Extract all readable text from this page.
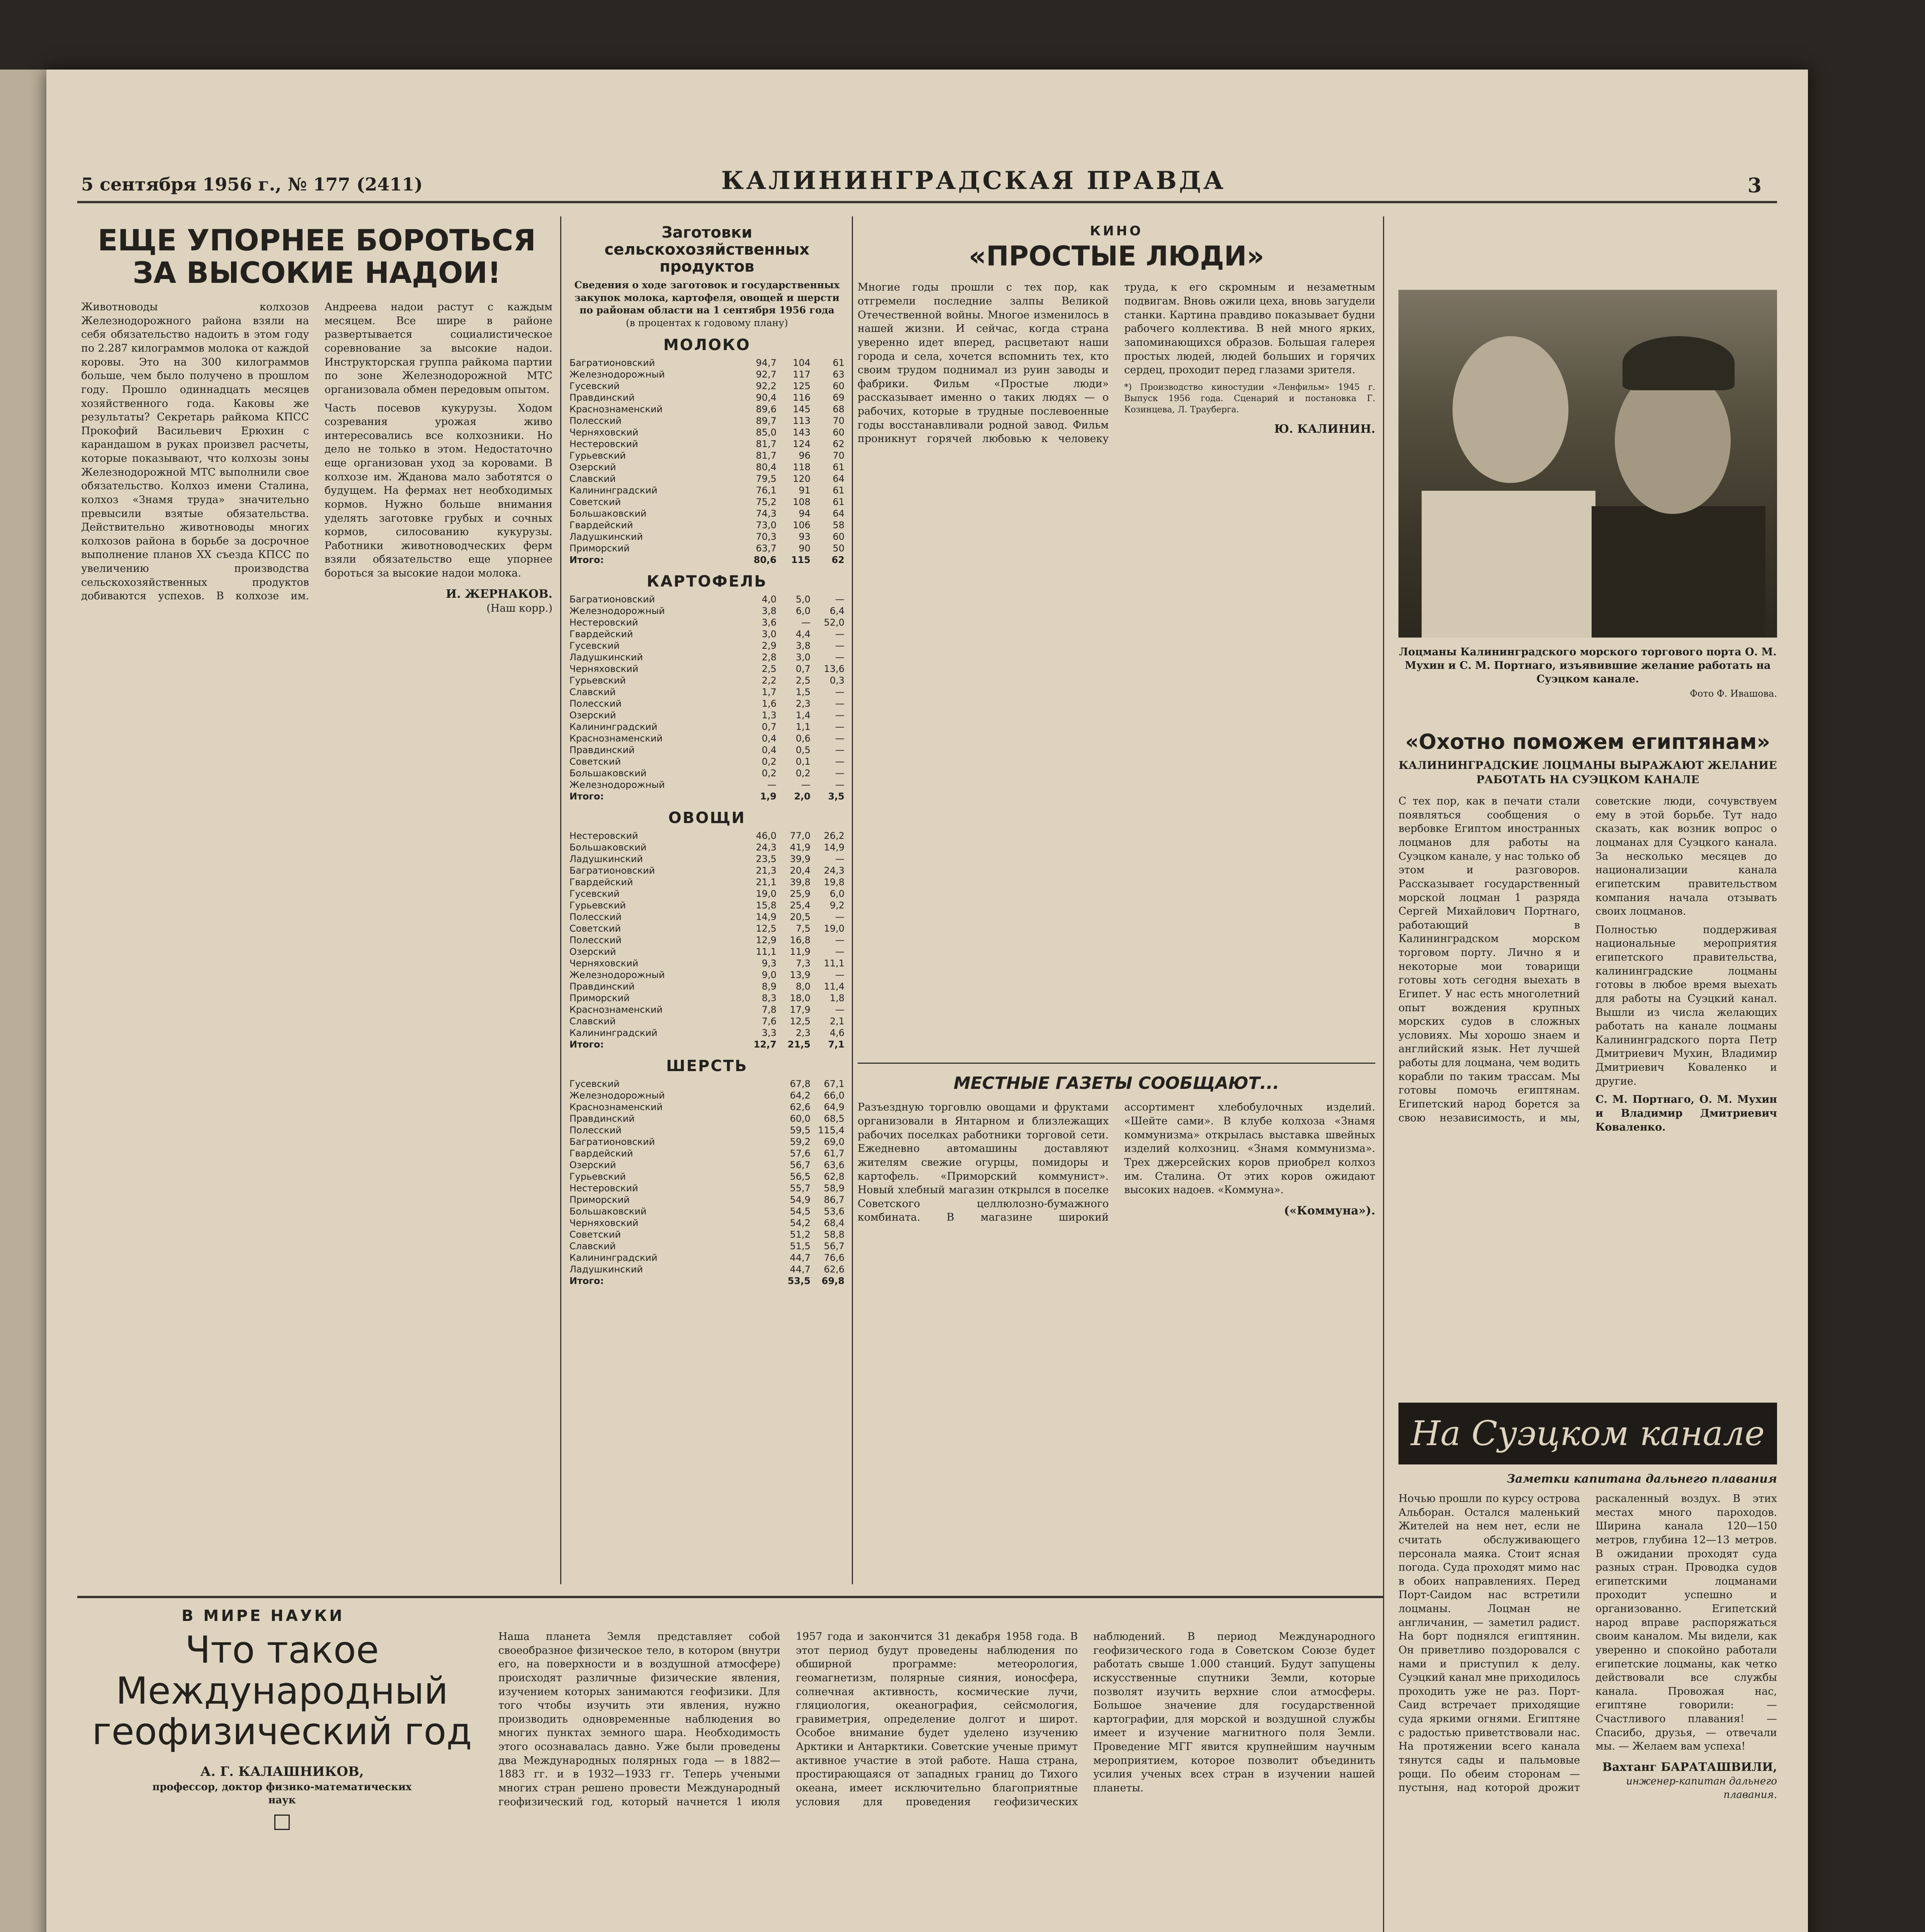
5 сентября 1956 г., № 177 (2411)	КАЛИНИНГРАДСКАЯ ПРАВДА	3
ЕЩЕ УПОРНЕЕ БОРОТЬСЯ ЗА ВЫСОКИЕ НАДОИ!

Животноводы колхозов Железнодорожного района взяли на себя обязательство надоить в этом году по 2.287 килограммов молока от каждой коровы. Это на 300 килограммов больше, чем было получено в прошлом году. Прошло одиннадцать месяцев хозяйственного года. Каковы же результаты? Секретарь райкома КПСС Прокофий Васильевич Ерюхин с карандашом в руках произвел расчеты, которые показывают, что колхозы зоны Железнодорожной МТС выполнили свое обязательство. Колхоз имени Сталина, колхоз «Знамя труда» значительно превысили взятые обязательства. Действительно животноводы многих колхозов района в борьбе за досрочное выполнение планов XX съезда КПСС по увеличению производства сельскохозяйственных продуктов добиваются успехов. В колхозе им. Андреева надои растут с каждым месяцем. Все шире в районе развертывается социалистическое соревнование за высокие надои. Инструкторская группа райкома партии по зоне Железнодорожной МТС организовала обмен передовым опытом.

Часть посевов кукурузы. Ходом созревания урожая живо интересовались все колхозники. Но дело не только в этом. Недостаточно еще организован уход за коровами. В колхозе им. Жданова мало заботятся о будущем. На фермах нет необходимых кормов. Нужно больше внимания уделять заготовке грубых и сочных кормов, силосованию кукурузы. Работники животноводческих ферм взяли обязательство еще упорнее бороться за высокие надои молока.

И. ЖЕРНАКОВ.
(Наш корр.)
Заготовки сельскохозяйственных продуктов
Сведения о ходе заготовок и государственных закупок молока, картофеля, овощей и шерсти по районам области на 1 сентября 1956 года
(в процентах к годовому плану)
МОЛОКО
Багратионовский	94,7	104	61
Железнодорожный	92,7	117	63
Гусевский	92,2	125	60
Правдинский	90,4	116	69
Краснознаменский	89,6	145	68
Полесский	89,7	113	70
Черняховский	85,0	143	60
Нестеровский	81,7	124	62
Гурьевский	81,7	96	70
Озерский	80,4	118	61
Славский	79,5	120	64
Калининградский	76,1	91	61
Советский	75,2	108	61
Большаковский	74,3	94	64
Гвардейский	73,0	106	58
Ладушкинский	70,3	93	60
Приморский	63,7	90	50
Итого:	80,6	115	62
КАРТОФЕЛЬ
Багратионовский	4,0	5,0	—
Железнодорожный	3,8	6,0	6,4
Нестеровский	3,6	—	52,0
Гвардейский	3,0	4,4	—
Гусевский	2,9	3,8	—
Ладушкинский	2,8	3,0	—
Черняховский	2,5	0,7	13,6
Гурьевский	2,2	2,5	0,3
Славский	1,7	1,5	—
Полесский	1,6	2,3	—
Озерский	1,3	1,4	—
Калининградский	0,7	1,1	—
Краснознаменский	0,4	0,6	—
Правдинский	0,4	0,5	—
Советский	0,2	0,1	—
Большаковский	0,2	0,2	—
Железнодорожный	—	—	—
Итого:	1,9	2,0	3,5
ОВОЩИ
Нестеровский	46,0	77,0	26,2
Большаковский	24,3	41,9	14,9
Ладушкинский	23,5	39,9	—
Багратионовский	21,3	20,4	24,3
Гвардейский	21,1	39,8	19,8
Гусевский	19,0	25,9	6,0
Гурьевский	15,8	25,4	9,2
Полесский	14,9	20,5	—
Советский	12,5	7,5	19,0
Полесский	12,9	16,8	—
Озерский	11,1	11,9	—
Черняховский	9,3	7,3	11,1
Железнодорожный	9,0	13,9	—
Правдинский	8,9	8,0	11,4
Приморский	8,3	18,0	1,8
Краснознаменский	7,8	17,9	—
Славский	7,6	12,5	2,1
Калининградский	3,3	2,3	4,6
Итого:	12,7	21,5	7,1
ШЕРСТЬ
Гусевский	67,8	67,1
Железнодорожный	64,2	66,0
Краснознаменский	62,6	64,9
Правдинский	60,0	68,5
Полесский	59,5	115,4
Багратионовский	59,2	69,0
Гвардейский	57,6	61,7
Озерский	56,7	63,6
Гурьевский	56,5	62,8
Нестеровский	55,7	58,9
Приморский	54,9	86,7
Большаковский	54,5	53,6
Черняховский	54,2	68,4
Советский	51,2	58,8
Славский	51,5	56,7
Калининградский	44,7	76,6
Ладушкинский	44,7	62,6
Итого:	53,5	69,8
КИНО
«ПРОСТЫЕ ЛЮДИ»

Многие годы прошли с тех пор, как отгремели последние залпы Великой Отечественной войны. Многое изменилось в нашей жизни. И сейчас, когда страна уверенно идет вперед, расцветают наши города и села, хочется вспомнить тех, кто своим трудом поднимал из руин заводы и фабрики. Фильм «Простые люди» рассказывает именно о таких людях — о рабочих, которые в трудные послевоенные годы восстанавливали родной завод. Фильм проникнут горячей любовью к человеку труда, к его скромным и незаметным подвигам. Вновь ожили цеха, вновь загудели станки. Картина правдиво показывает будни рабочего коллектива. В ней много ярких, запоминающихся образов. Большая галерея простых людей, людей больших и горячих сердец, проходит перед глазами зрителя.

*) Производство киностудии «Ленфильм» 1945 г. Выпуск 1956 года. Сценарий и постановка Г. Козинцева, Л. Трауберга.

Ю. КАЛИНИН.
МЕСТНЫЕ ГАЗЕТЫ СООБЩАЮТ...

Разъездную торговлю овощами и фруктами организовали в Янтарном и близлежащих рабочих поселках работники торговой сети. Ежедневно автомашины доставляют жителям свежие огурцы, помидоры и картофель. «Приморский коммунист». Новый хлебный магазин открылся в поселке Советского целлюлозно-бумажного комбината. В магазине широкий ассортимент хлебобулочных изделий. «Шейте сами». В клубе колхоза «Знамя коммунизма» открылась выставка швейных изделий колхозниц. «Знамя коммунизма». Трех джерсейских коров приобрел колхоз им. Сталина. От этих коров ожидают высоких надоев. «Коммуна».

(«Коммуна»).
Лоцманы Калининградского морского торгового порта О. М. Мухин и С. М. Портнаго, изъявившие желание работать на Суэцком канале.
Фото Ф. Ивашова.
«Охотно поможем египтянам»
КАЛИНИНГРАДСКИЕ ЛОЦМАНЫ ВЫРАЖАЮТ ЖЕЛАНИЕ РАБОТАТЬ НА СУЭЦКОМ КАНАЛЕ

С тех пор, как в печати стали появляться сообщения о вербовке Египтом иностранных лоцманов для работы на Суэцком канале, у нас только об этом и разговоров. Рассказывает государственный морской лоцман 1 разряда Сергей Михайлович Портнаго, работающий в Калининградском морском торговом порту. Лично я и некоторые мои товарищи готовы хоть сегодня выехать в Египет. У нас есть многолетний опыт вождения крупных морских судов в сложных условиях. Мы хорошо знаем и английский язык. Нет лучшей работы для лоцмана, чем водить корабли по таким трассам. Мы готовы помочь египтянам. Египетский народ борется за свою независимость, и мы, советские люди, сочувствуем ему в этой борьбе. Тут надо сказать, как возник вопрос о лоцманах для Суэцкого канала. За несколько месяцев до национализации канала египетским правительством компания начала отзывать своих лоцманов.

Полностью поддерживая национальные мероприятия египетского правительства, калининградские лоцманы готовы в любое время выехать для работы на Суэцкий канал. Вышли из числа желающих работать на канале лоцманы Калининградского порта Петр Дмитриевич Мухин, Владимир Дмитриевич Коваленко и другие.

С. М. Портнаго, О. М. Мухин и Владимир Дмитриевич Коваленко.

На Суэцком канале
Заметки капитана дальнего плавания

Ночью прошли по курсу острова Альборан. Остался маленький Жителей на нем нет, если не считать обслуживающего персонала маяка. Стоит ясная погода. Суда проходят мимо нас в обоих направлениях. Перед Порт-Саидом нас встретили лоцманы. Лоцман не англичанин, — заметил радист. На борт поднялся египтянин. Он приветливо поздоровался с нами и приступил к делу. Суэцкий канал мне приходилось проходить уже не раз. Порт-Саид встречает приходящие суда яркими огнями. Египтяне с радостью приветствовали нас. На протяжении всего канала тянутся сады и пальмовые рощи. По обеим сторонам — пустыня, над которой дрожит раскаленный воздух. В этих местах много пароходов. Ширина канала 120—150 метров, глубина 12—13 метров. В ожидании проходят суда разных стран. Проводка судов египетскими лоцманами проходит успешно и организованно. Египетский народ вправе распоряжаться своим каналом. Мы видели, как уверенно и спокойно работали египетские лоцманы, как четко действовали все службы канала. Провожая нас, египтяне говорили: — Счастливого плавания! — Спасибо, друзья, — отвечали мы. — Желаем вам успеха!

Вахтанг БАРАТАШВИЛИ,
инженер-капитан дальнего плавания.
В МИРЕ НАУКИ
Что такое Международный геофизический год
А. Г. КАЛАШНИКОВ,
профессор, доктор физико-математических наук

Наша планета Земля представляет собой своеобразное физическое тело, в котором (внутри его, на поверхности и в воздушной атмосфере) происходят различные физические явления, изучением которых занимаются геофизики. Для того чтобы изучить эти явления, нужно производить одновременные наблюдения во многих пунктах земного шара. Необходимость этого осознавалась давно. Уже были проведены два Международных полярных года — в 1882—1883 гг. и в 1932—1933 гг. Теперь учеными многих стран решено провести Международный геофизический год, который начнется 1 июля 1957 года и закончится 31 декабря 1958 года. В этот период будут проведены наблюдения по обширной программе: метеорология, геомагнетизм, полярные сияния, ионосфера, солнечная активность, космические лучи, гляциология, океанография, сейсмология, гравиметрия, определение долгот и широт. Особое внимание будет уделено изучению Арктики и Антарктики. Советские ученые примут активное участие в этой работе. Наша страна, простирающаяся от западных границ до Тихого океана, имеет исключительно благоприятные условия для проведения геофизических наблюдений. В период Международного геофизического года в Советском Союзе будет работать свыше 1.000 станций. Будут запущены искусственные спутники Земли, которые позволят изучить верхние слои атмосферы. Большое значение для государственной картографии, для морской и воздушной службы имеет и изучение магнитного поля Земли. Проведение МГГ явится крупнейшим научным мероприятием, которое позволит объединить усилия ученых всех стран в изучении нашей планеты.
